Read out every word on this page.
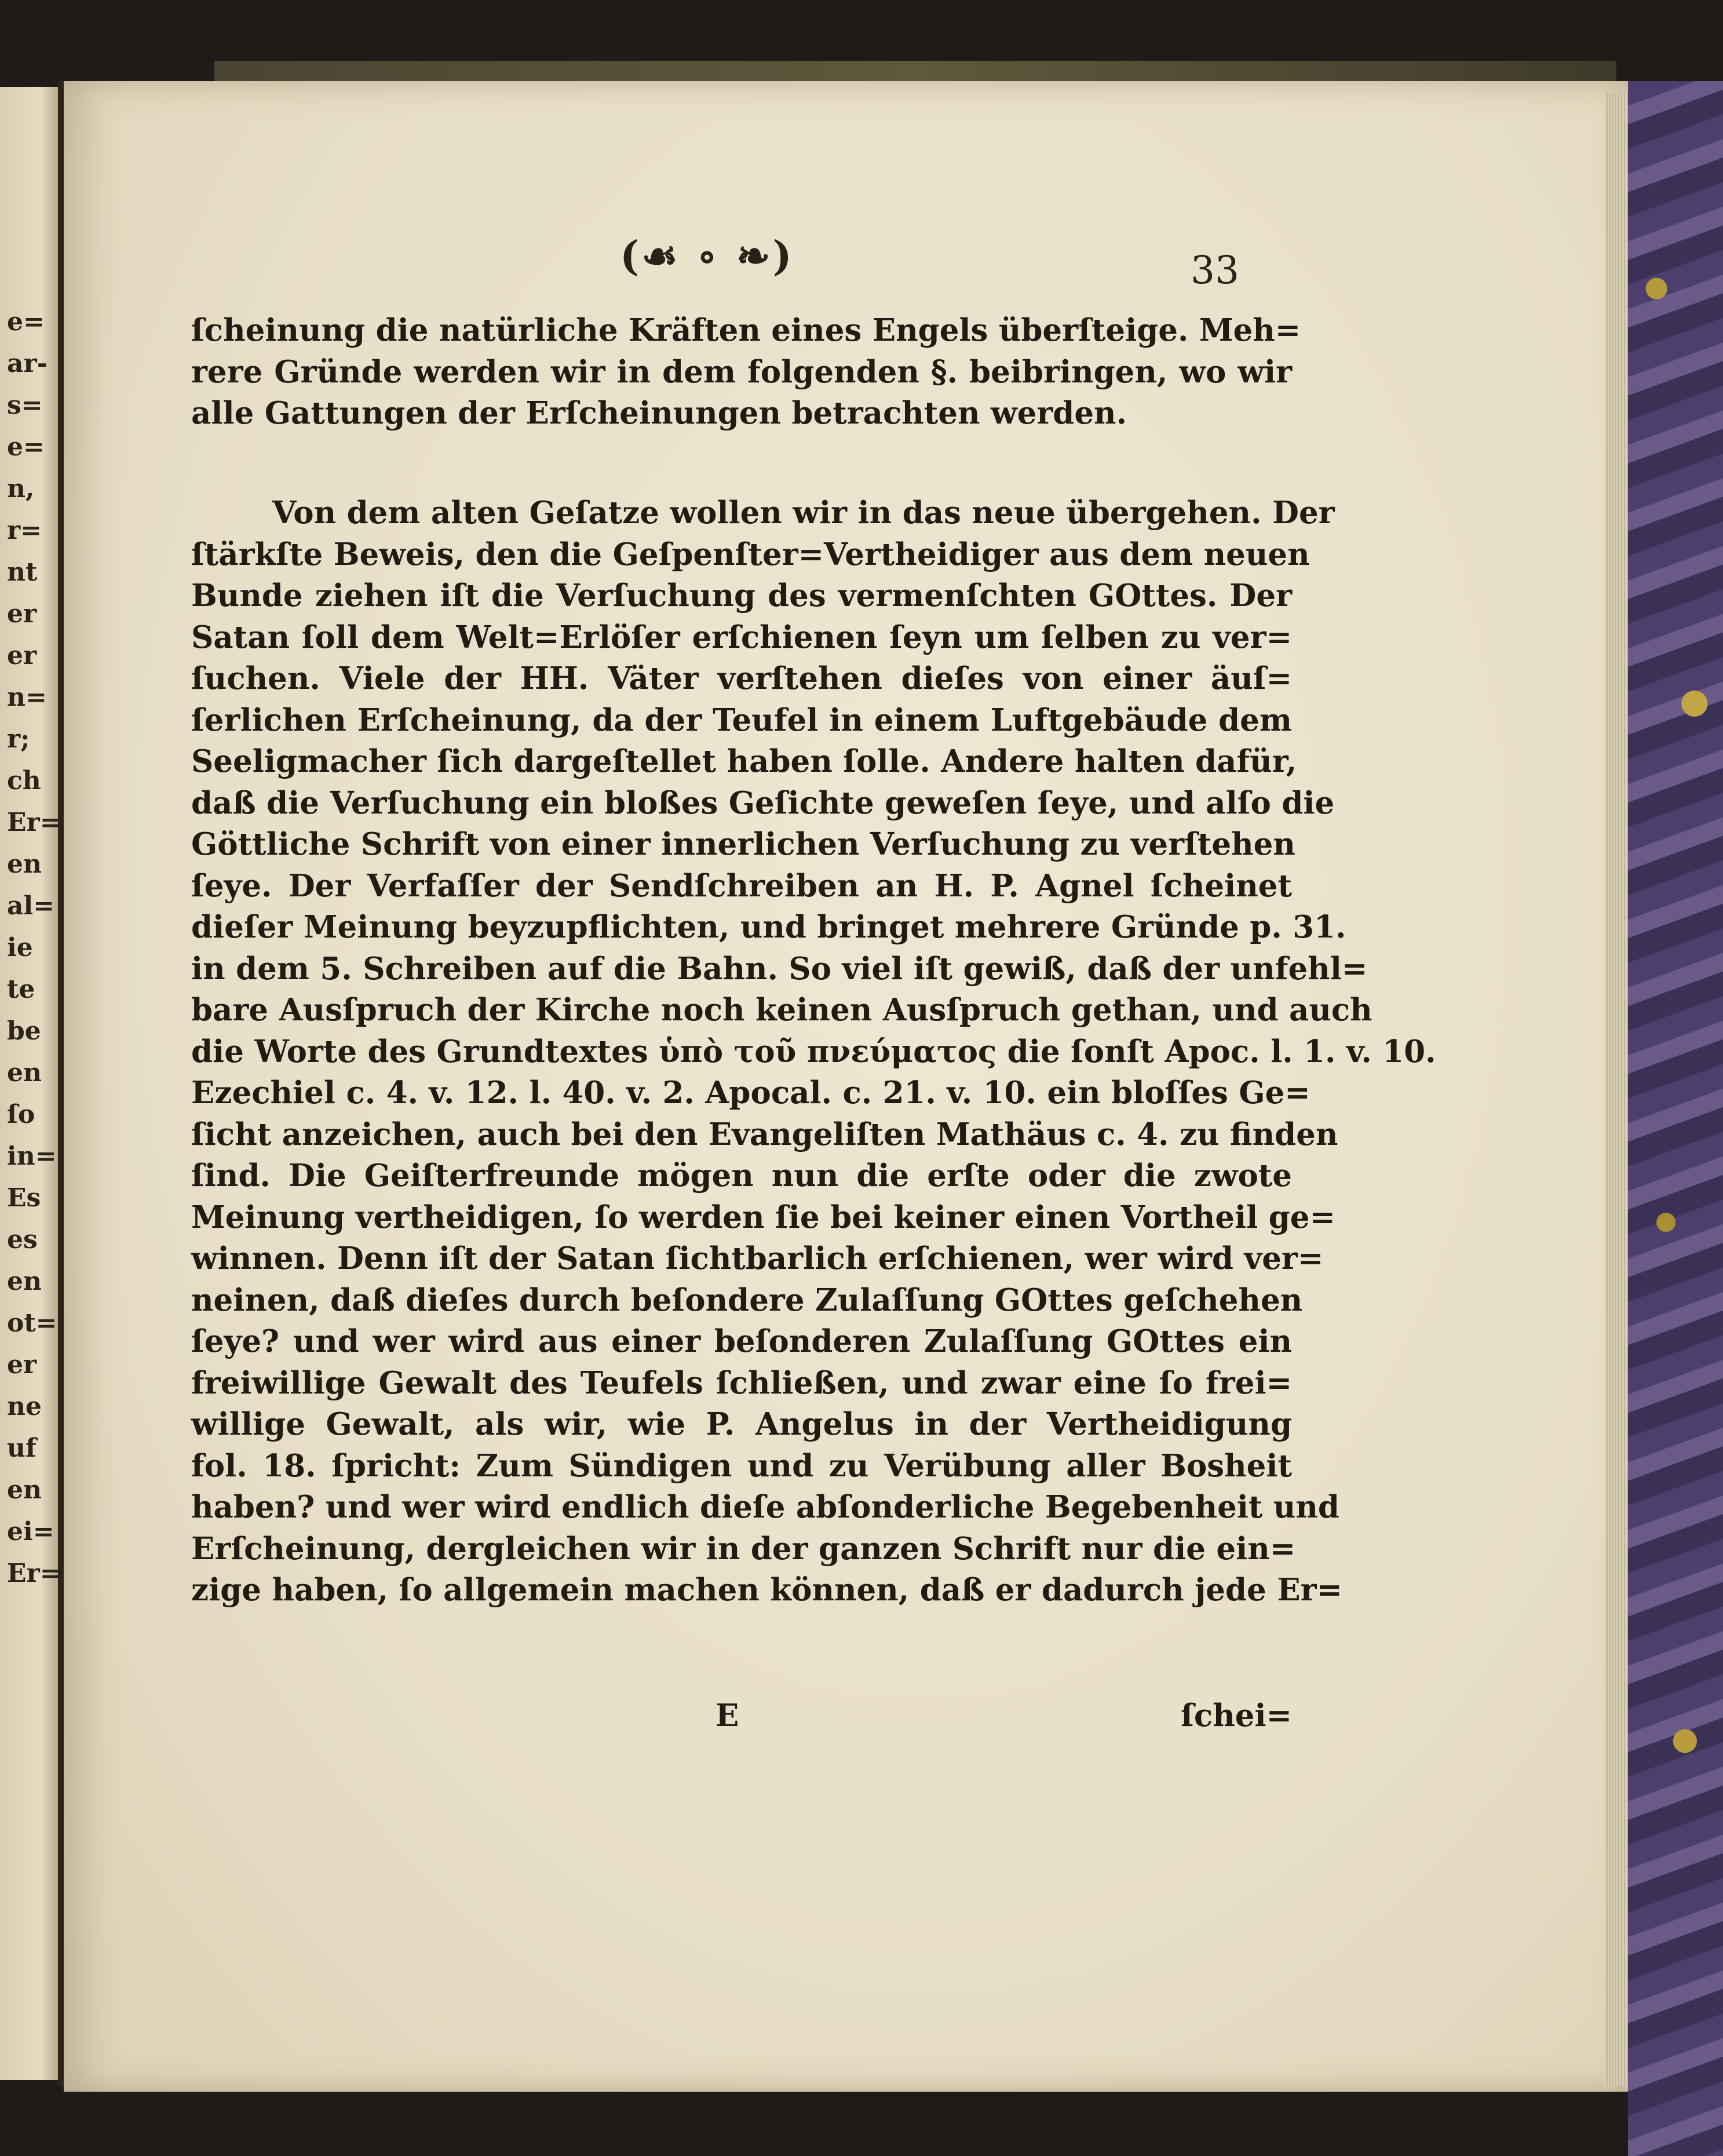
(☙ ∘ ❧)	33
ſcheinung die natürliche Kräften eines Engels überſteige. Meh=
rere Gründe werden wir in dem folgenden §. beibringen, wo wir
alle Gattungen der Erſcheinungen betrachten werden.
Von dem alten Geſatze wollen wir in das neue übergehen. Der
ſtärkſte Beweis, den die Geſpenſter=Vertheidiger aus dem neuen
Bunde ziehen iſt die Verſuchung des vermenſchten GOttes. Der
Satan ſoll dem Welt=Erlöſer erſchienen ſeyn um ſelben zu ver=
ſuchen. Viele der HH. Väter verſtehen dieſes von einer äuſ=
ſerlichen Erſcheinung, da der Teufel in einem Luftgebäude dem
Seeligmacher ſich dargeſtellet haben ſolle. Andere halten dafür,
daß die Verſuchung ein bloßes Geſichte geweſen ſeye, und alſo die
Göttliche Schrift von einer innerlichen Verſuchung zu verſtehen
ſeye. Der Verfaſſer der Sendſchreiben an H. P. Agnel ſcheinet
dieſer Meinung beyzupflichten, und bringet mehrere Gründe p. 31.
in dem 5. Schreiben auf die Bahn. So viel iſt gewiß, daß der unfehl=
bare Ausſpruch der Kirche noch keinen Ausſpruch gethan, und auch
die Worte des Grundtextes ὑπὸ τοῦ πνεύματος die ſonſt Apoc. l. 1. v. 10.
Ezechiel c. 4. v. 12. l. 40. v. 2. Apocal. c. 21. v. 10. ein bloſſes Ge=
ſicht anzeichen, auch bei den Evangeliſten Mathäus c. 4. zu finden
ſind. Die Geiſterfreunde mögen nun die erſte oder die zwote
Meinung vertheidigen, ſo werden ſie bei keiner einen Vortheil ge=
winnen. Denn iſt der Satan ſichtbarlich erſchienen, wer wird ver=
neinen, daß dieſes durch beſondere Zulaſſung GOttes geſchehen
ſeye? und wer wird aus einer beſonderen Zulaſſung GOttes ein
freiwillige Gewalt des Teufels ſchließen, und zwar eine ſo frei=
willige Gewalt, als wir, wie P. Angelus in der Vertheidigung
fol. 18. ſpricht: Zum Sündigen und zu Verübung aller Bosheit
haben? und wer wird endlich dieſe abſonderliche Begebenheit und
Erſcheinung, dergleichen wir in der ganzen Schrift nur die ein=
zige haben, ſo allgemein machen können, daß er dadurch jede Er=
E	ſchei=
e=
ar-
s=
e=
n,
r=
nt
er
er
n=
r;
ch
Er=
en
al=
ie
te
be
en
ſo
in=
Es
es
en
ot=
er
ne
uf
en
ei=
Er=
